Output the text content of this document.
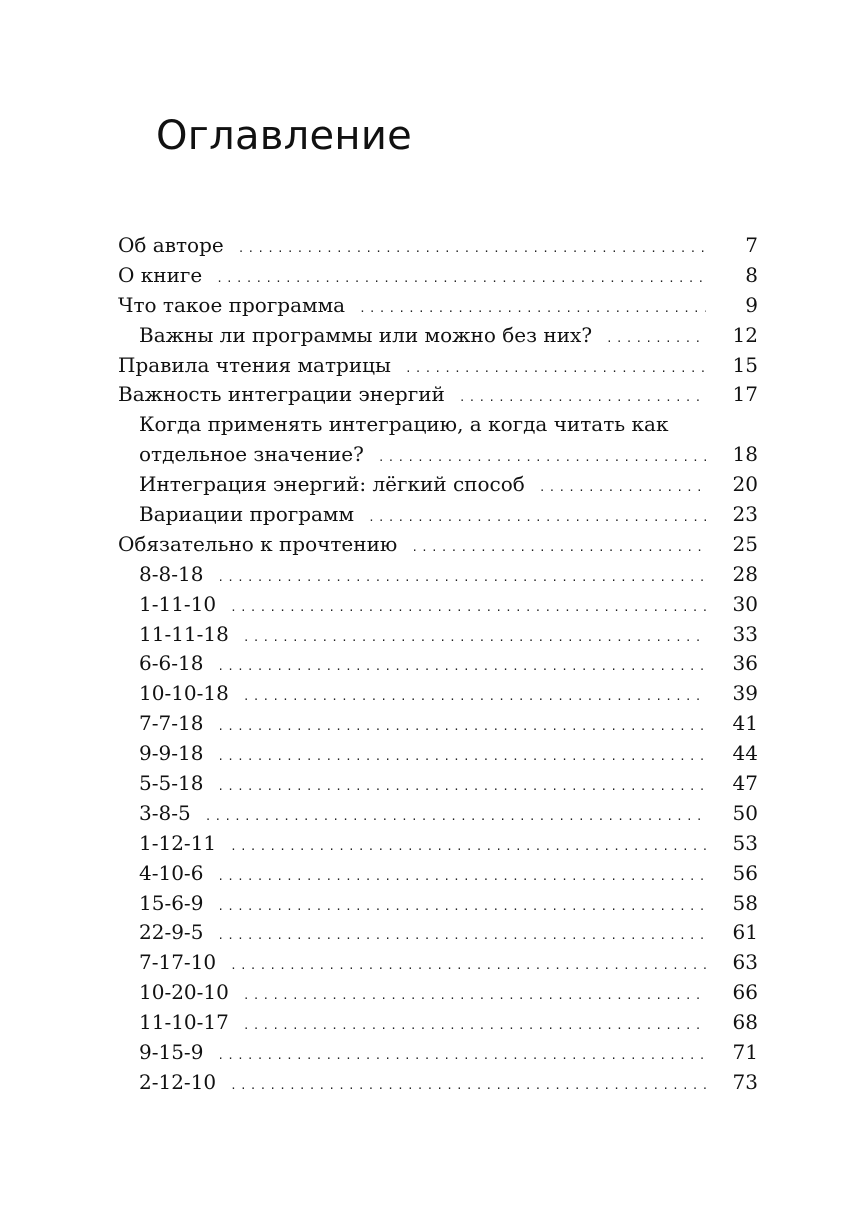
Оглавление
Об авторе .....	7
О книге .....	8
Что такое программа .....	9
Важны ли программы или можно без них? .....	12
Правила чтения матрицы .....	15
Важность интеграции энергий .....	17
Когда применять интеграцию, а когда читать как
отдельное значение? .....	18
Интеграция энергий: лёгкий способ .....	20
Вариации программ .....	23
Обязательно к прочтению .....	25
8-8-18 .....	28
1-11-10 .....	30
11-11-18 .....	33
6-6-18 .....	36
10-10-18 .....	39
7-7-18 .....	41
9-9-18 .....	44
5-5-18 .....	47
3-8-5 .....	50
1-12-11 .....	53
4-10-6 .....	56
15-6-9 .....	58
22-9-5 .....	61
7-17-10 .....	63
10-20-10 .....	66
11-10-17 .....	68
9-15-9 .....	71
2-12-10 .....	73
